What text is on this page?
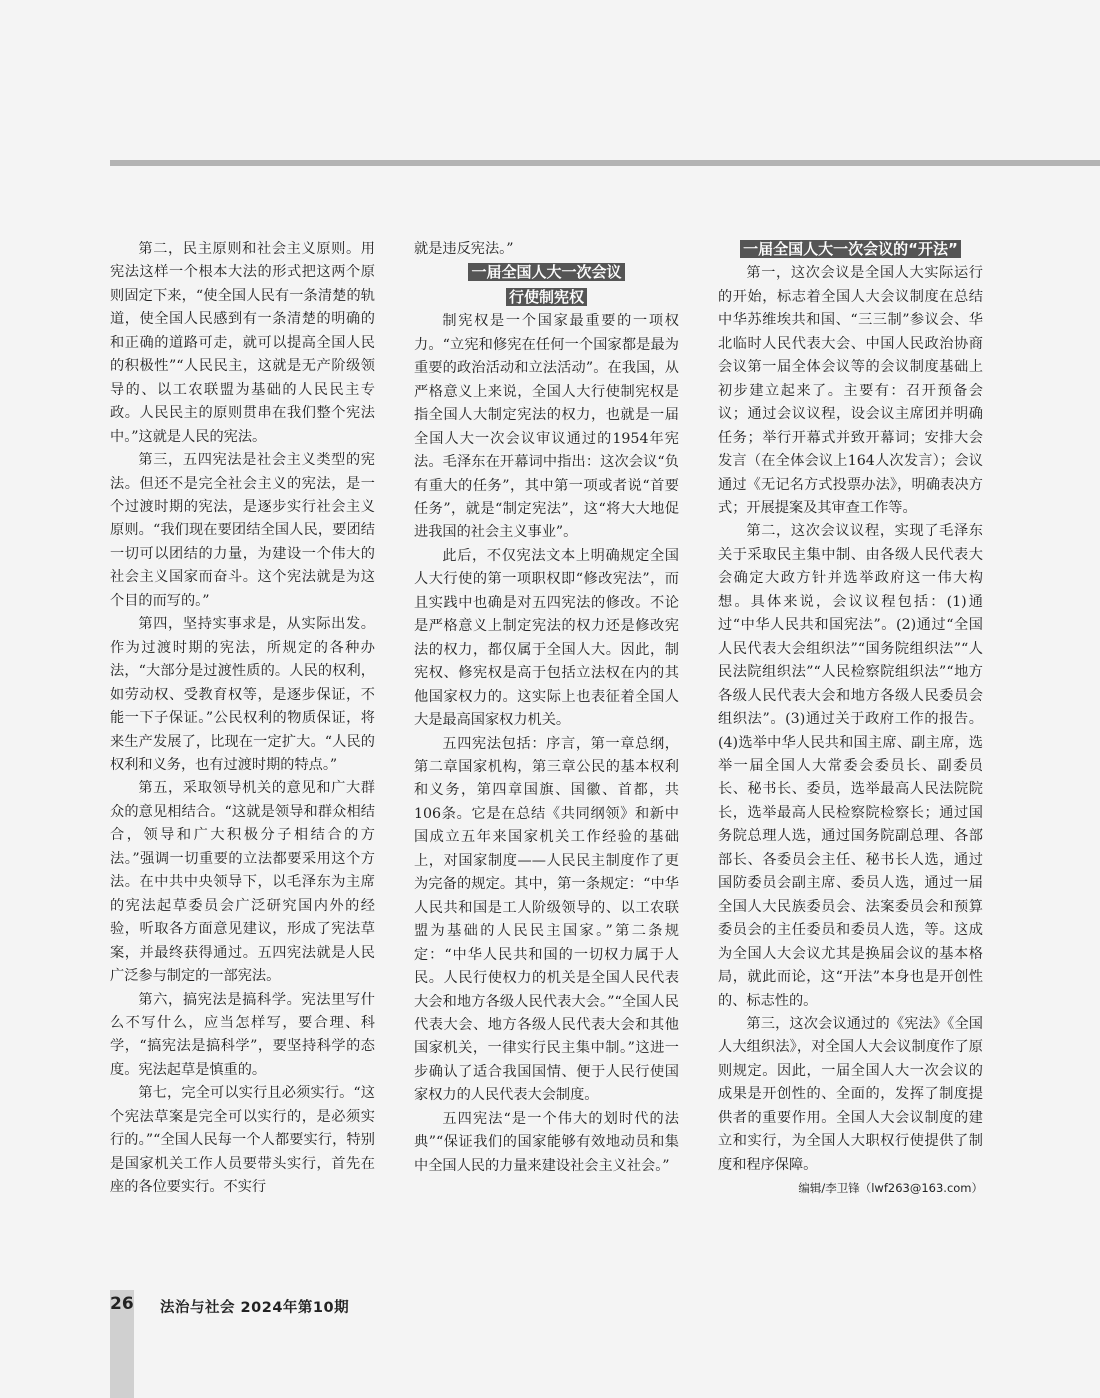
第二，民主原则和社会主义原则。用宪法这样一个根本大法的形式把这两个原则固定下来，“使全国人民有一条清楚的轨道，使全国人民感到有一条清楚的明确的和正确的道路可走，就可以提高全国人民的积极性”“人民民主，这就是无产阶级领导的、以工农联盟为基础的人民民主专政。人民民主的原则贯串在我们整个宪法中。”这就是人民的宪法。

第三，五四宪法是社会主义类型的宪法。但还不是完全社会主义的宪法，是一个过渡时期的宪法，是逐步实行社会主义原则。“我们现在要团结全国人民，要团结一切可以团结的力量，为建设一个伟大的社会主义国家而奋斗。这个宪法就是为这个目的而写的。”

第四，坚持实事求是，从实际出发。作为过渡时期的宪法，所规定的各种办法，“大部分是过渡性质的。人民的权利，如劳动权、受教育权等，是逐步保证，不能一下子保证。”公民权利的物质保证，将来生产发展了，比现在一定扩大。“人民的权利和义务，也有过渡时期的特点。”

第五，采取领导机关的意见和广大群众的意见相结合。“这就是领导和群众相结合，领导和广大积极分子相结合的方法。”强调一切重要的立法都要采用这个方法。在中共中央领导下，以毛泽东为主席的宪法起草委员会广泛研究国内外的经验，听取各方面意见建议，形成了宪法草案，并最终获得通过。五四宪法就是人民广泛参与制定的一部宪法。

第六，搞宪法是搞科学。宪法里写什么不写什么，应当怎样写，要合理、科学，“搞宪法是搞科学”，要坚持科学的态度。宪法起草是慎重的。

第七，完全可以实行且必须实行。“这个宪法草案是完全可以实行的，是必须实行的。”“全国人民每一个人都要实行，特别是国家机关工作人员要带头实行，首先在座的各位要实行。不实行

就是违反宪法。”

一届全国人大一次会议
行使制宪权

制宪权是一个国家最重要的一项权力。“立宪和修宪在任何一个国家都是最为重要的政治活动和立法活动”。在我国，从严格意义上来说，全国人大行使制宪权是指全国人大制定宪法的权力，也就是一届全国人大一次会议审议通过的1954年宪法。毛泽东在开幕词中指出：这次会议“负有重大的任务”，其中第一项或者说“首要任务”，就是“制定宪法”，这“将大大地促进我国的社会主义事业”。

此后，不仅宪法文本上明确规定全国人大行使的第一项职权即“修改宪法”，而且实践中也确是对五四宪法的修改。不论是严格意义上制定宪法的权力还是修改宪法的权力，都仅属于全国人大。因此，制宪权、修宪权是高于包括立法权在内的其他国家权力的。这实际上也表征着全国人大是最高国家权力机关。

五四宪法包括：序言，第一章总纲，第二章国家机构，第三章公民的基本权利和义务，第四章国旗、国徽、首都，共106条。它是在总结《共同纲领》和新中国成立五年来国家机关工作经验的基础上，对国家制度——人民民主制度作了更为完备的规定。其中，第一条规定：“中华人民共和国是工人阶级领导的、以工农联盟为基础的人民民主国家。”第二条规定：“中华人民共和国的一切权力属于人民。人民行使权力的机关是全国人民代表大会和地方各级人民代表大会。”“全国人民代表大会、地方各级人民代表大会和其他国家机关，一律实行民主集中制。”这进一步确认了适合我国国情、便于人民行使国家权力的人民代表大会制度。

五四宪法“是一个伟大的划时代的法典”“保证我们的国家能够有效地动员和集中全国人民的力量来建设社会主义社会。”

一届全国人大一次会议的“开法”

第一，这次会议是全国人大实际运行的开始，标志着全国人大会议制度在总结中华苏维埃共和国、“三三制”参议会、华北临时人民代表大会、中国人民政治协商会议第一届全体会议等的会议制度基础上初步建立起来了。主要有：召开预备会议；通过会议议程，设会议主席团并明确任务；举行开幕式并致开幕词；安排大会发言（在全体会议上164人次发言）；会议通过《无记名方式投票办法》，明确表决方式；开展提案及其审查工作等。

第二，这次会议议程，实现了毛泽东关于采取民主集中制、由各级人民代表大会确定大政方针并选举政府这一伟大构想。具体来说，会议议程包括：(1)通过“中华人民共和国宪法”。(2)通过“全国人民代表大会组织法”“国务院组织法”“人民法院组织法”“人民检察院组织法”“地方各级人民代表大会和地方各级人民委员会组织法”。(3)通过关于政府工作的报告。(4)选举中华人民共和国主席、副主席，选举一届全国人大常委会委员长、副委员长、秘书长、委员，选举最高人民法院院长，选举最高人民检察院检察长；通过国务院总理人选，通过国务院副总理、各部部长、各委员会主任、秘书长人选，通过国防委员会副主席、委员人选，通过一届全国人大民族委员会、法案委员会和预算委员会的主任委员和委员人选，等。这成为全国人大会议尤其是换届会议的基本格局，就此而论，这“开法”本身也是开创性的、标志性的。

第三，这次会议通过的《宪法》《全国人大组织法》，对全国人大会议制度作了原则规定。因此，一届全国人大一次会议的成果是开创性的、全面的，发挥了制度提供者的重要作用。全国人大会议制度的建立和实行，为全国人大职权行使提供了制度和程序保障。

编辑/李卫锋（lwf263@163.com）
26 法治与社会 2024年第10期
